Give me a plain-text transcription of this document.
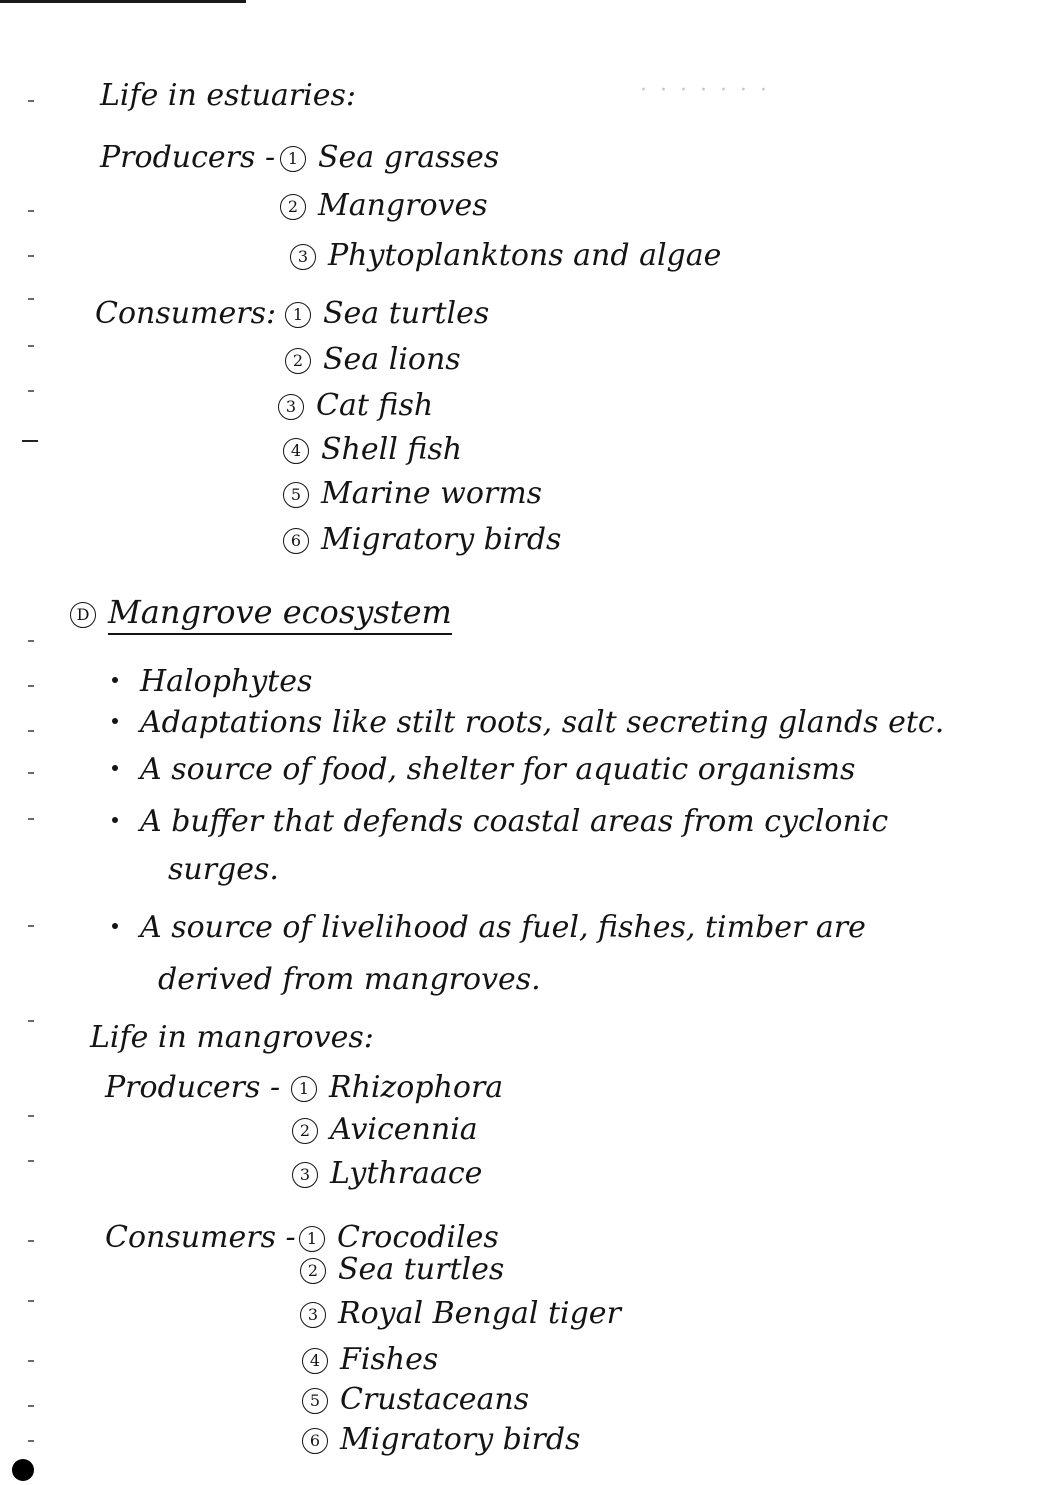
· · · · · · ·
Life in estuaries:
Producers - 1 Sea grasses
2 Mangroves
3 Phytoplanktons and algae
Consumers: 1 Sea turtles
2 Sea lions
3 Cat fish
4 Shell fish
5 Marine worms
6 Migratory birds
D Mangrove ecosystem
Halophytes
Adaptations like stilt roots, salt secreting glands etc.
A source of food, shelter for aquatic organisms
A buffer that defends coastal areas from cyclonic
surges.
A source of livelihood as fuel, fishes, timber are
derived from mangroves.
Life in mangroves:
Producers - 1 Rhizophora
2 Avicennia
3 Lythraace
Consumers - 1 Crocodiles
2 Sea turtles
3 Royal Bengal tiger
4 Fishes
5 Crustaceans
6 Migratory birds
